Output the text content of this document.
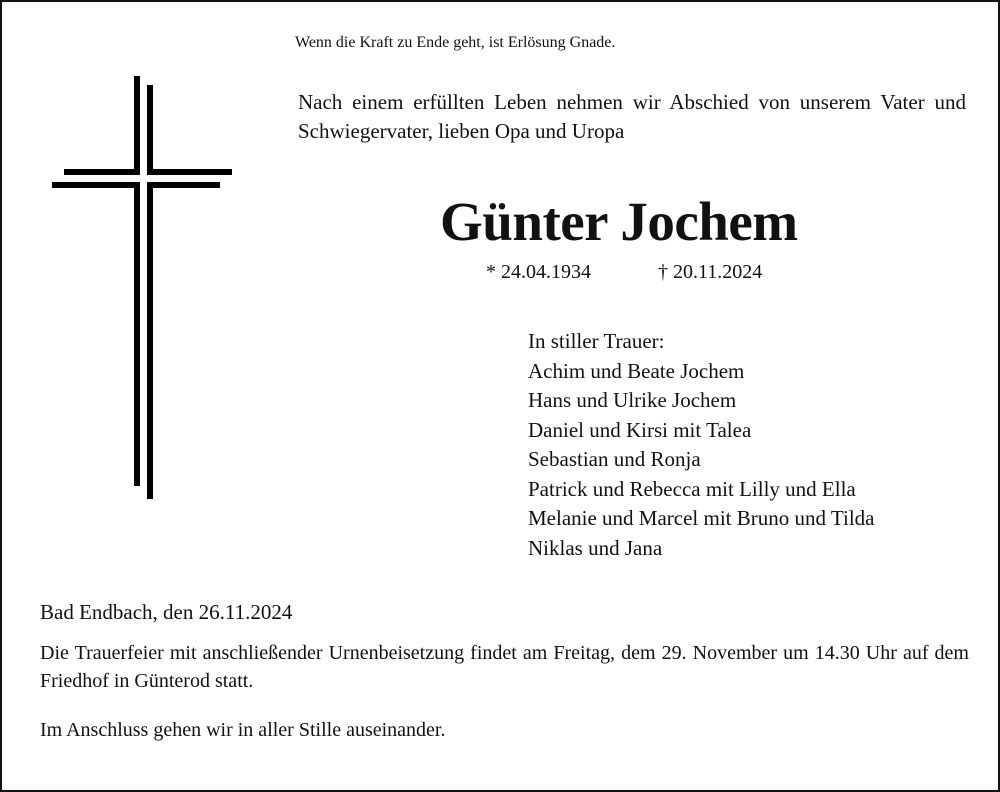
Wenn die Kraft zu Ende geht, ist Erlösung Gnade.
Nach einem erfüllten Leben nehmen wir Abschied von unserem Vater und Schwiegervater, lieben Opa und Uropa
Günter Jochem
* 24.04.1934	† 20.11.2024
In stiller Trauer:
Achim und Beate Jochem
Hans und Ulrike Jochem
Daniel und Kirsi mit Talea
Sebastian und Ronja
Patrick und Rebecca mit Lilly und Ella
Melanie und Marcel mit Bruno und Tilda
Niklas und Jana
Bad Endbach, den 26.11.2024
Die Trauerfeier mit anschließender Urnenbeisetzung findet am Freitag, dem 29. November um 14.30 Uhr auf dem Friedhof in Günterod statt.
Im Anschluss gehen wir in aller Stille auseinander.
